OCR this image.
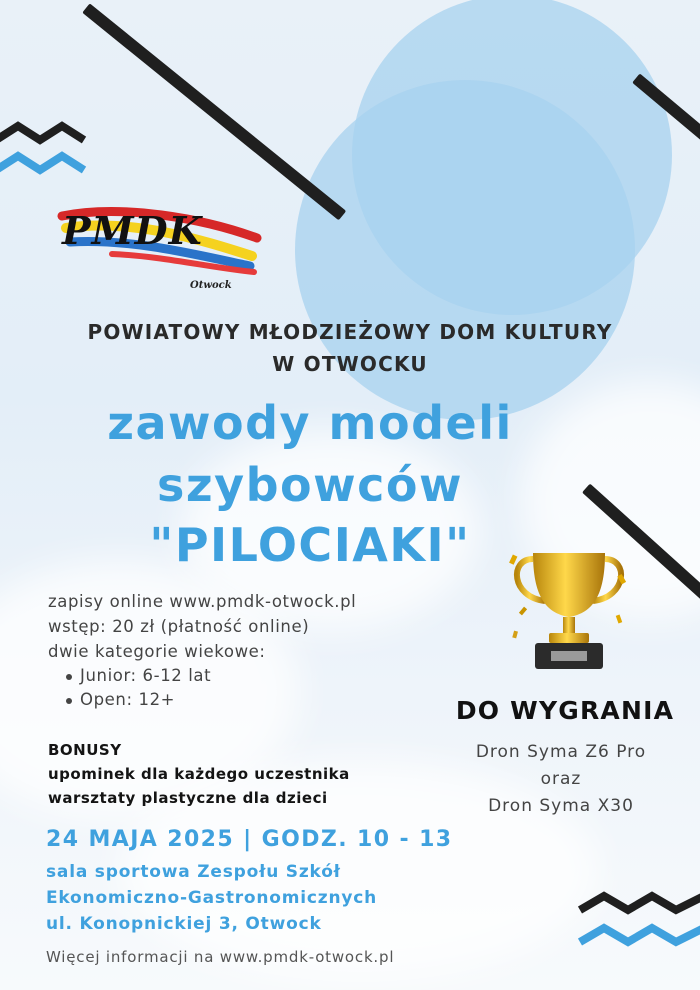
PMDK
Otwock
POWIATOWY MŁODZIEŻOWY DOM KULTURY
W OTWOCKU
zawody modeli
szybowców
"PILOCIAKI"
zapisy online www.pmdk-otwock.pl
wstęp: 20 zł (płatność online)
dwie kategorie wiekowe:
Junior: 6-12 lat
Open: 12+	DO WYGRANIA
Dron Syma Z6 Pro
oraz
Dron Syma X30
BONUSY
upominek dla każdego uczestnika
warsztaty plastyczne dla dzieci
24 MAJA 2025 | GODZ. 10 - 13
sala sportowa Zespołu Szkół
Ekonomiczno-Gastronomicznych
ul. Konopnickiej 3, Otwock
Więcej informacji na www.pmdk-otwock.pl
